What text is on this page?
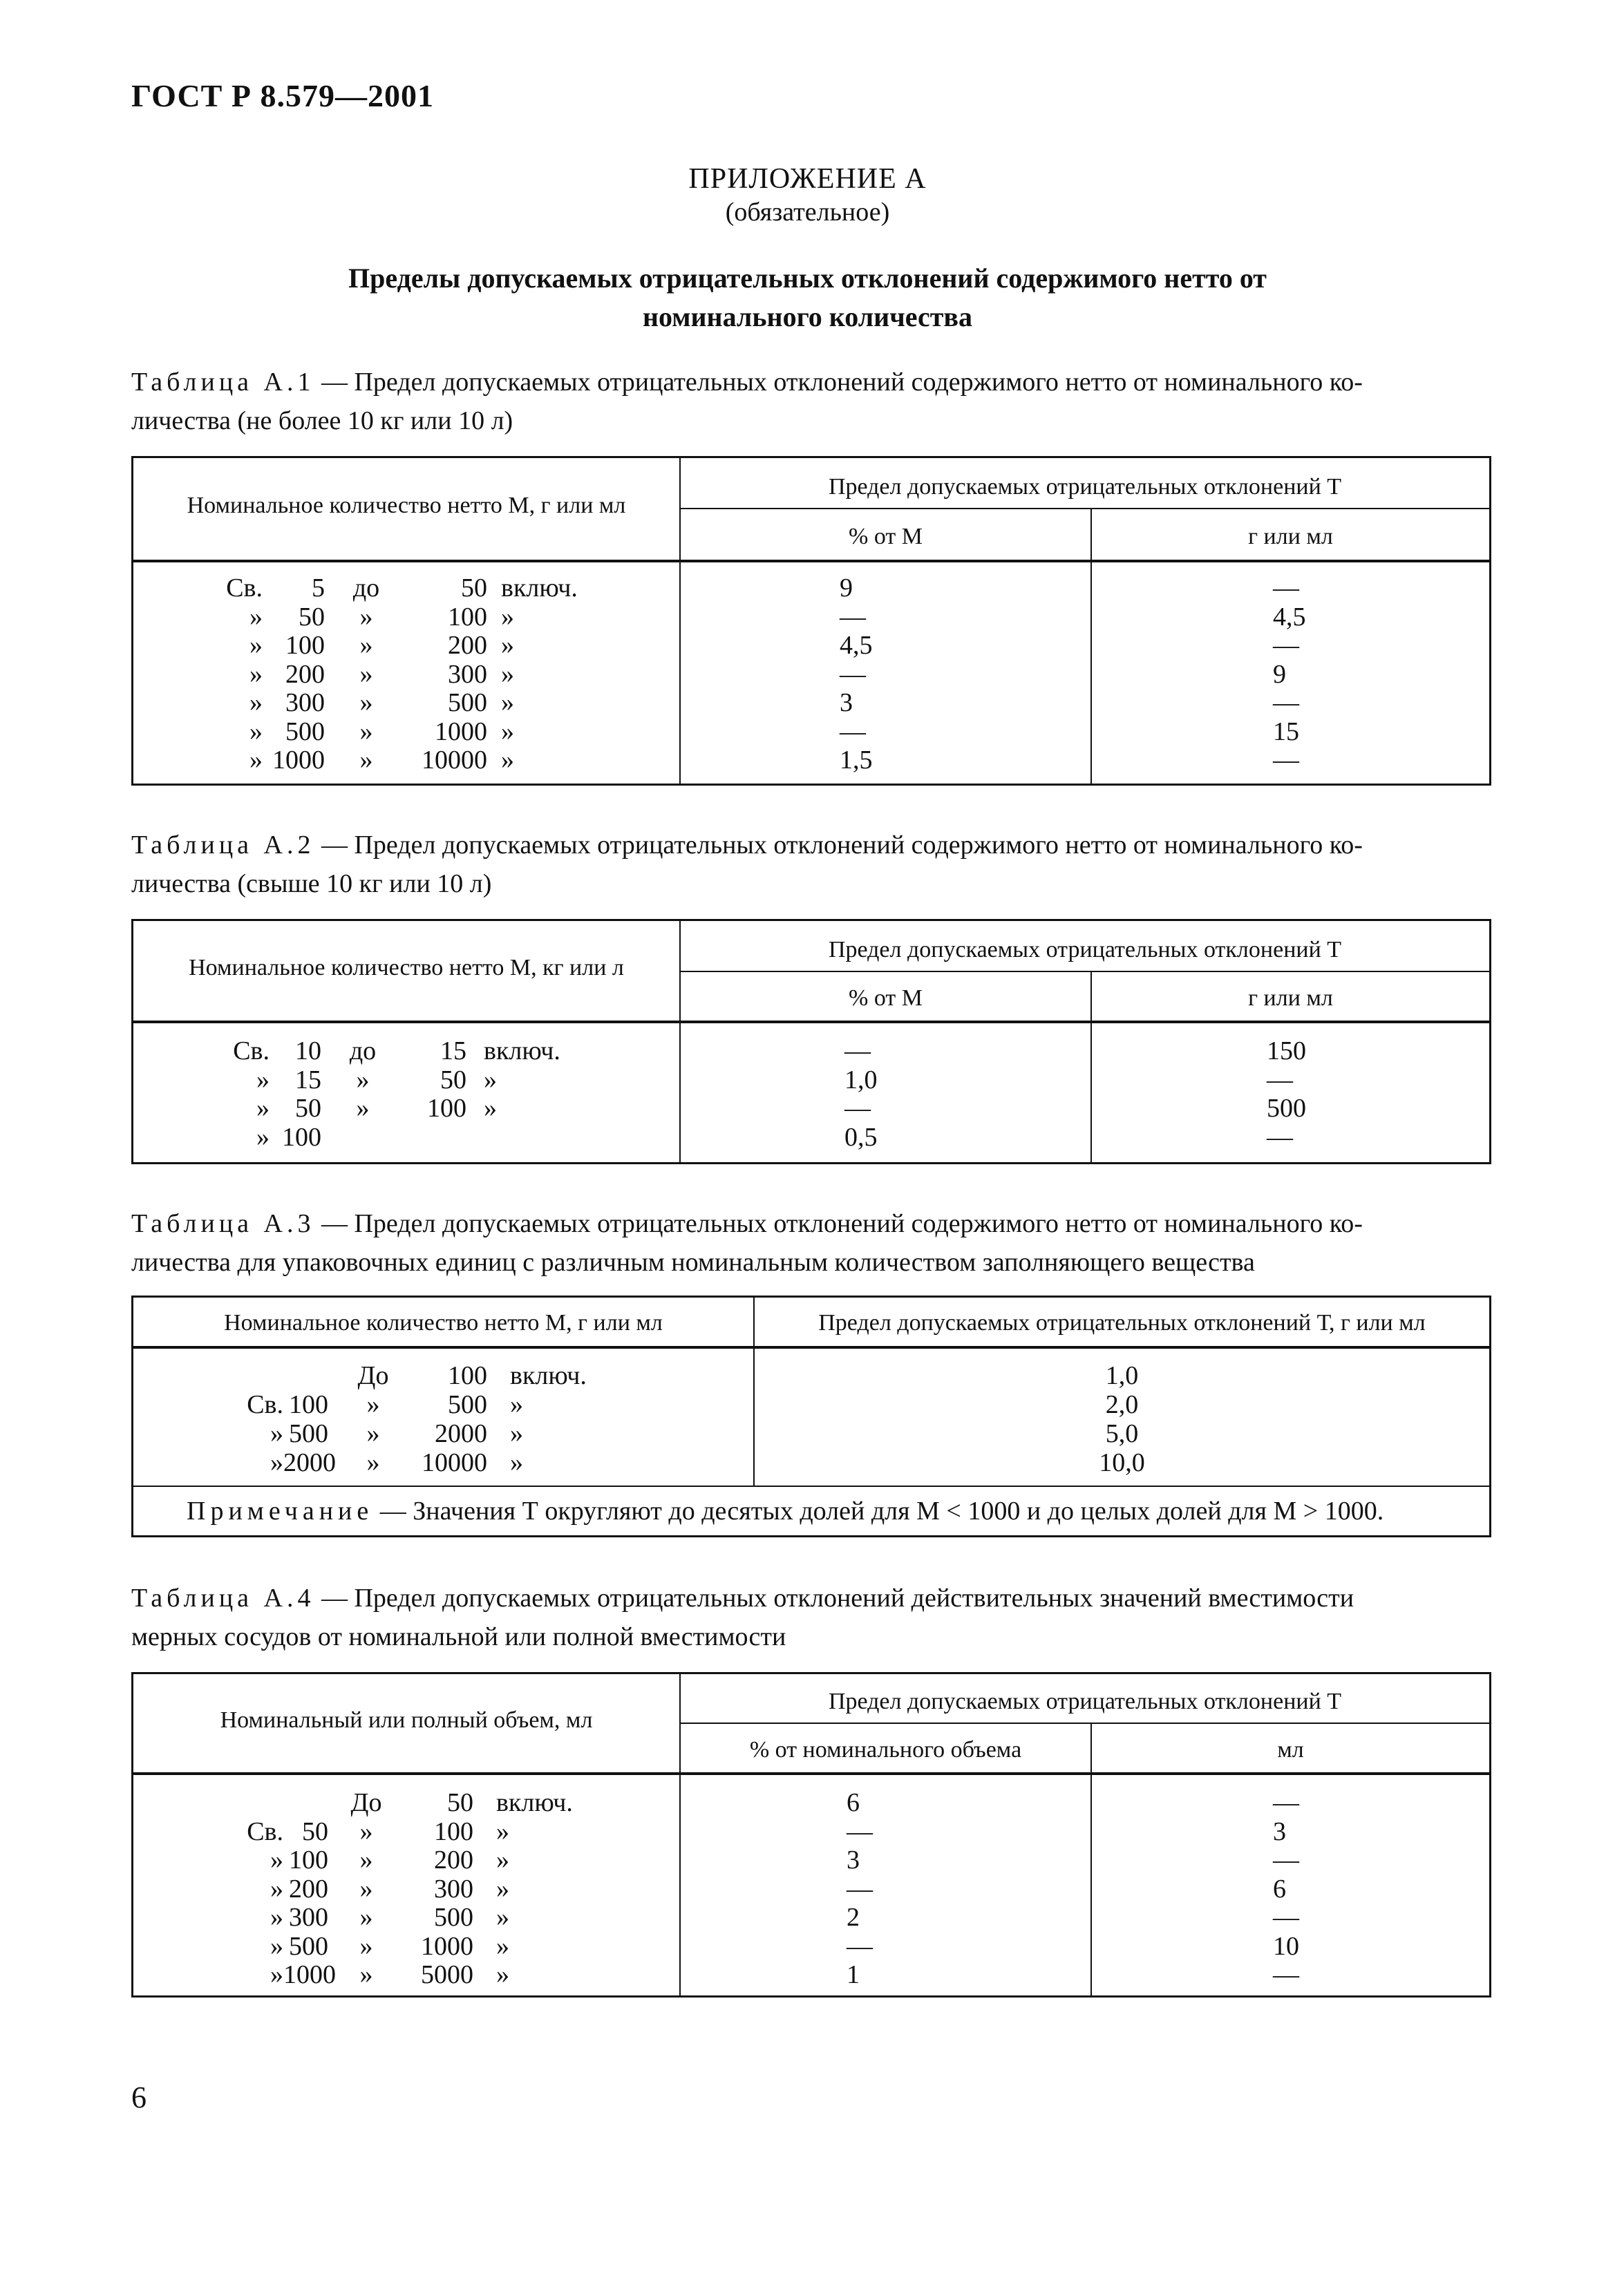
ГОСТ Р 8.579—2001
ПРИЛОЖЕНИЕ А
(обязательное)
Пределы допускаемых отрицательных отклонений содержимого нетто от
номинального количества
Таблица А.1 — Предел допускаемых отрицательных отклонений содержимого нетто от номинального ко-
личества (не более 10 кг или 10 л)
Номинальное количество нетто М, г или мл
Предел допускаемых отрицательных отклонений Т
% от М	г или мл
Св.	5	до	50 включ.	9	—
»	50	»	100 »	—	4,5
» 100	»	200 »	4,5	—
» 200	»	300 »	—	9
» 300	»	500 »	3	—
» 500	»	1000 »	—	15
» 1000	»	10000 »	1,5	—
Таблица А.2 — Предел допускаемых отрицательных отклонений содержимого нетто от номинального ко-
личества (свыше 10 кг или 10 л)
Номинальное количество нетто М, кг или л
Предел допускаемых отрицательных отклонений Т
% от М	г или мл
Св. 10	до	15 включ.	—	150
» 15	»	50 »	1,0	—
» 50	»	100 »	—	500
» 100	0,5	—
Таблица А.3 — Предел допускаемых отрицательных отклонений содержимого нетто от номинального ко-
личества для упаковочных единиц с различным номинальным количеством заполняющего вещества
Номинальное количество нетто М, г или мл	Предел допускаемых отрицательных отклонений Т, г или мл
До	100 включ.	1,0
Св. 100	»	500 »	2,0
» 500	»	2000 »	5,0
» 2000	»	10000 »	10,0
Примечание — Значения Т округляют до десятых долей для М < 1000 и до целых долей для М > 1000.
Таблица А.4 — Предел допускаемых отрицательных отклонений действительных значений вместимости
мерных сосудов от номинальной или полной вместимости
Номинальный или полный объем, мл
Предел допускаемых отрицательных отклонений Т
% от номинального объема	мл
До	50 включ.	6	—
Св. 50	»	100 »	—	3
» 100	»	200 »	3	—
» 200	»	300 »	—	6
» 300	»	500 »	2	—
» 500	»	1000 »	—	10
» 1000 »	5000 »	1	—
6
